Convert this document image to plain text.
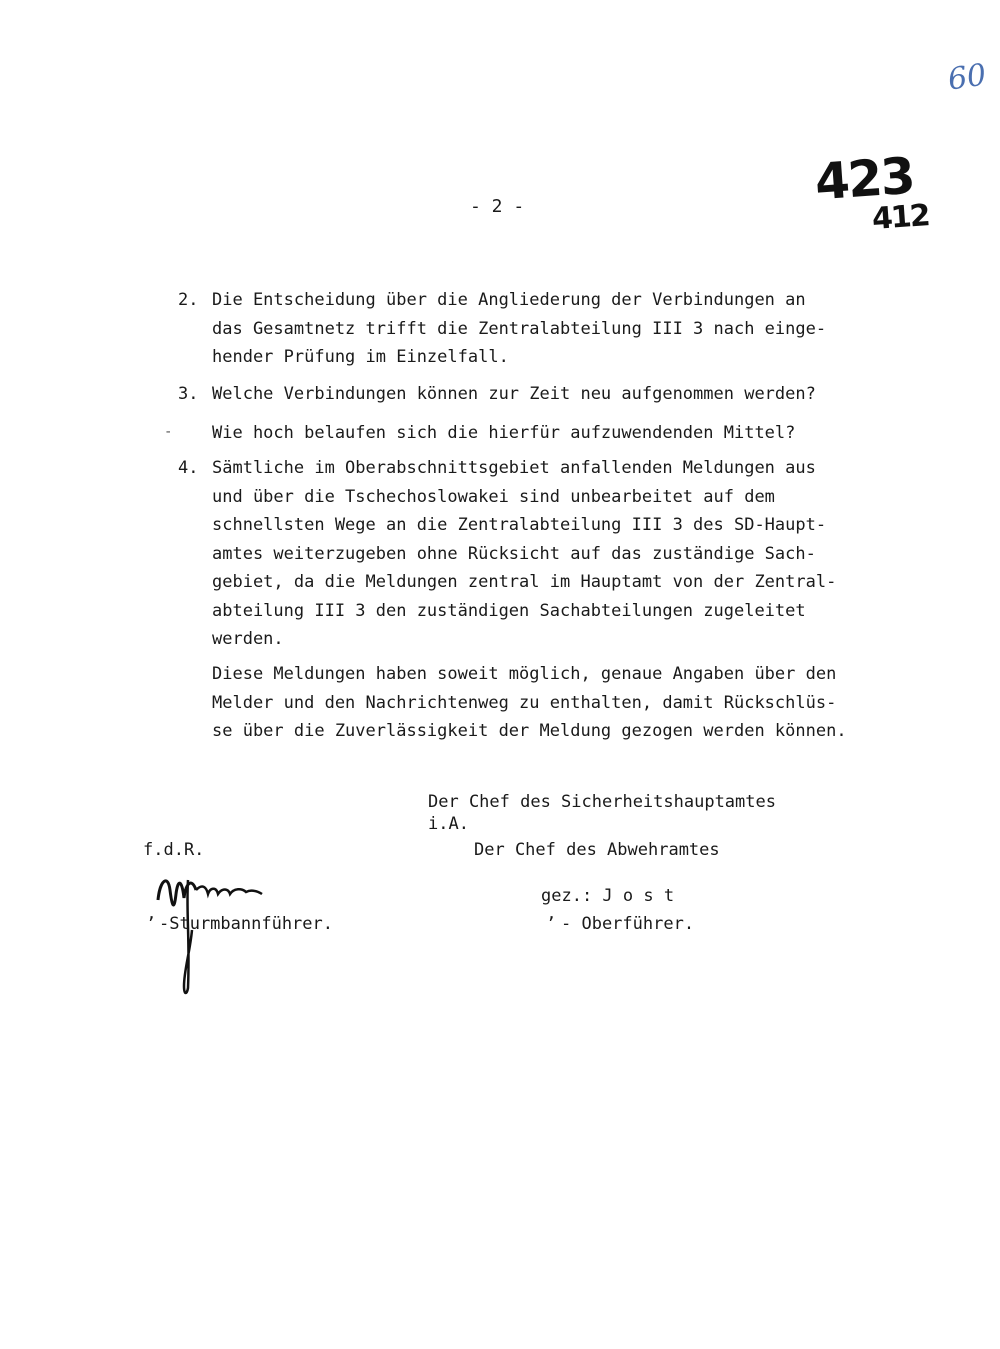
60
423
412
- 2 -
2. Die Entscheidung über die Angliederung der Verbindungen an
das Gesamtnetz trifft die Zentralabteilung III 3 nach einge-
hender Prüfung im Einzelfall.
3. Welche Verbindungen können zur Zeit neu aufgenommen werden?
- Wie hoch belaufen sich die hierfür aufzuwendenden Mittel?
4. Sämtliche im Oberabschnittsgebiet anfallenden Meldungen aus
und über die Tschechoslowakei sind unbearbeitet auf dem
schnellsten Wege an die Zentralabteilung III 3 des SD-Haupt-
amtes weiterzugeben ohne Rücksicht auf das zuständige Sach-
gebiet, da die Meldungen zentral im Hauptamt von der Zentral-
abteilung III 3 den zuständigen Sachabteilungen zugeleitet
werden.
Diese Meldungen haben soweit möglich, genaue Angaben über den
Melder und den Nachrichtenweg zu enthalten, damit Rückschlüs-
se über die Zuverlässigkeit der Meldung gezogen werden können.
Der Chef des Sicherheitshauptamtes
i.A.
Der Chef des Abwehramtes
f.d.R.
ʼ -Sturmbannführer.
gez.: J o s t
ʼ - Oberführer.
